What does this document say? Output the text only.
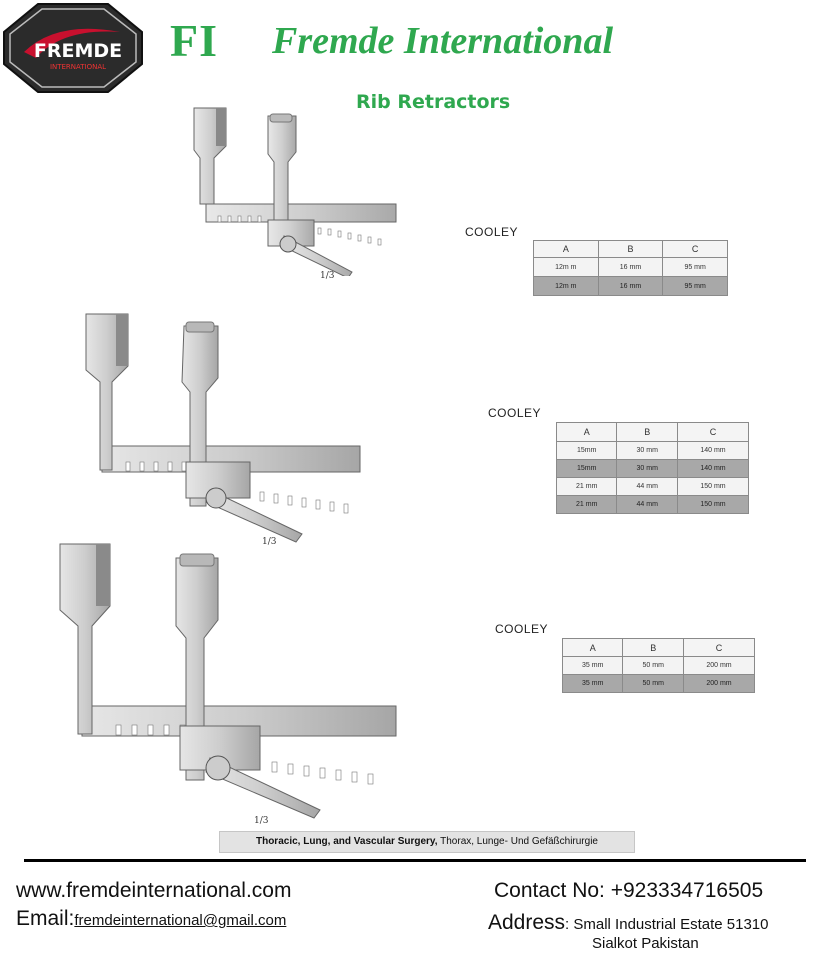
FREMDE
INTERNATIONAL
FI Fremde International
Rib Retractors
1/3
COOLEY
A	B	C
12m m	16 mm	95 mm
12m m	16 mm	95 mm
1/3
COOLEY
A	B	C
15mm	30 mm	140 mm
15mm	30 mm	140 mm
21 mm	44 mm	150 mm
21 mm	44 mm	150 mm
1/3
COOLEY
A	B	C
35 mm	50 mm	200 mm
35 mm	50 mm	200 mm
Thoracic, Lung, and Vascular Surgery, Thorax, Lunge- Und Gefäßchirurgie
www.fremdeinternational.com
Email:fremdeinternational@gmail.com
Contact No: +923334716505
Address: Small Industrial Estate 51310
Sialkot Pakistan
